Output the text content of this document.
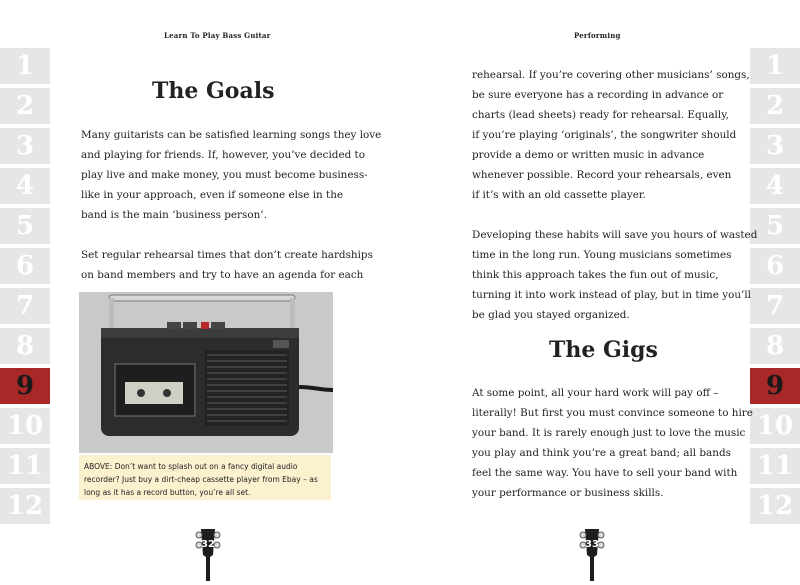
1
2
3
4
5
6
7
8
9
10
11
12
1
2
3
4
5
6
7
8
9
10
11
12
Learn To Play Bass Guitar
The Goals

Many guitarists can be satisfied learning songs they love
and playing for friends. If, however, you’ve decided to
play live and make money, you must become business-
like in your approach, even if someone else in the
band is the main ‘business person’.

Set regular rehearsal times that don’t create hardships
on band members and try to have an agenda for each

ABOVE: Don’t want to splash out on a fancy digital audio recorder? Just buy a dirt-cheap cassette player from Ebay – as long as it has a record button, you’re all set.
32
Performing

rehearsal. If you’re covering other musicians’ songs,
be sure everyone has a recording in advance or
charts (lead sheets) ready for rehearsal. Equally,
if you’re playing ‘originals’, the songwriter should
provide a demo or written music in advance
whenever possible. Record your rehearsals, even
if it’s with an old cassette player.

Developing these habits will save you hours of wasted
time in the long run. Young musicians sometimes
think this approach takes the fun out of music,
turning it into work instead of play, but in time you’ll
be glad you stayed organized.

The Gigs

At some point, all your hard work will pay off –
literally! But first you must convince someone to hire
your band. It is rarely enough just to love the music
you play and think you’re a great band; all bands
feel the same way. You have to sell your band with
your performance or business skills.

33
